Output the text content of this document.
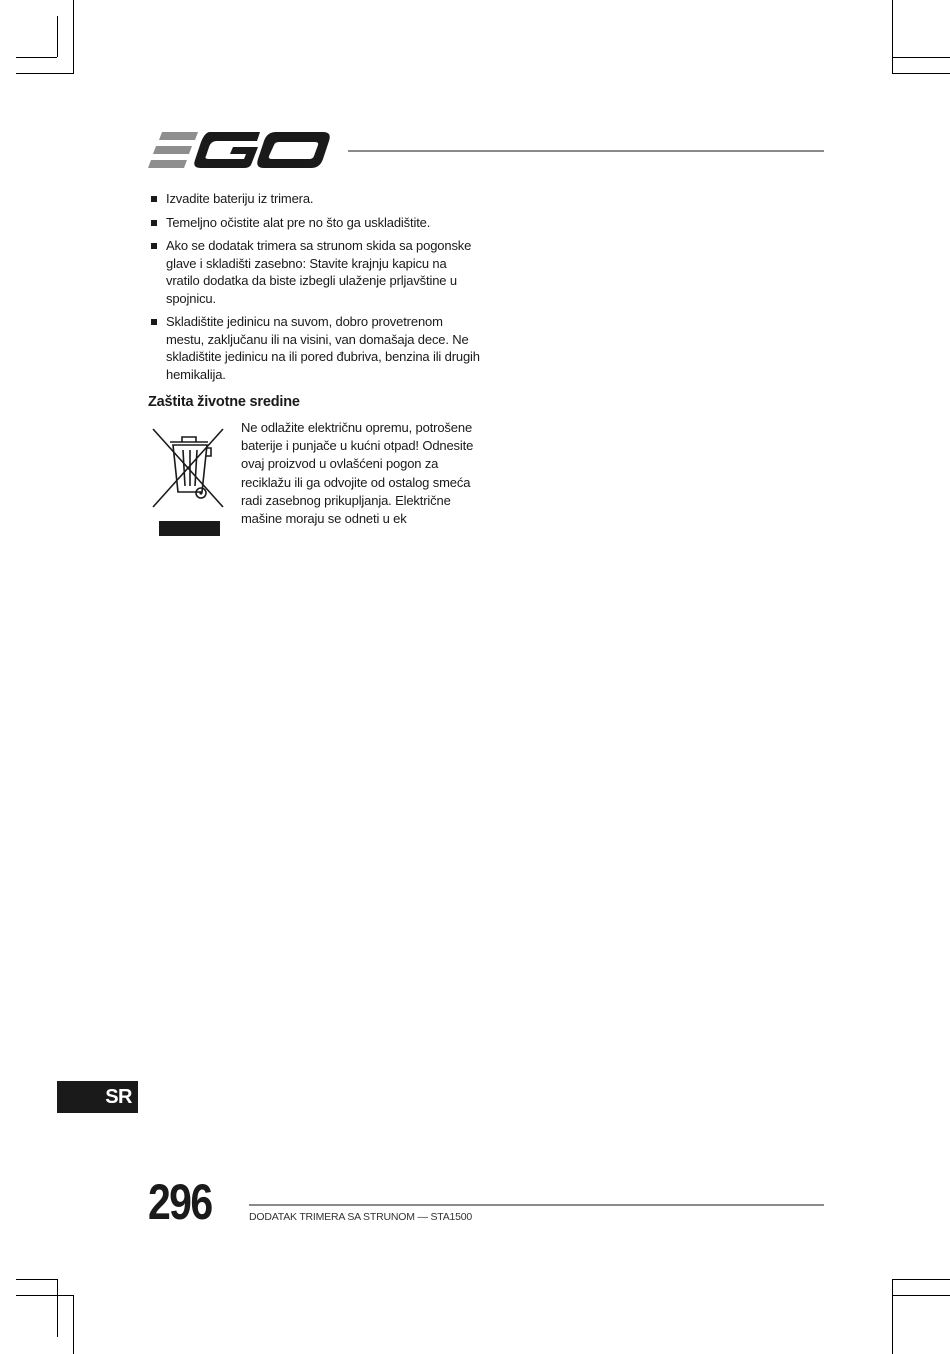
Izvadite bateriju iz trimera.
Temeljno očistite alat pre no što ga uskladištite.
Ako se dodatak trimera sa strunom skida sa pogonske glave i skladišti zasebno: Stavite krajnju kapicu na vratilo dodatka da biste izbegli ulaženje prljavštine u spojnicu.
Skladištite jedinicu na suvom, dobro provetrenom mestu, zaključanu ili na visini, van domašaja dece. Ne skladištite jedinicu na ili pored đubriva, benzina ili drugih hemikalija.
Zaštita životne sredine

Ne odlažite električnu opremu, potrošene baterije i punjače u kućni otpad! Odnesite ovaj proizvod u ovlašćeni pogon za reciklažu ili ga odvojite od ostalog smeća radi zasebnog prikupljanja. Električne mašine moraju se odneti u ek

SR
296	DODATAK TRIMERA SA STRUNOM — STA1500
